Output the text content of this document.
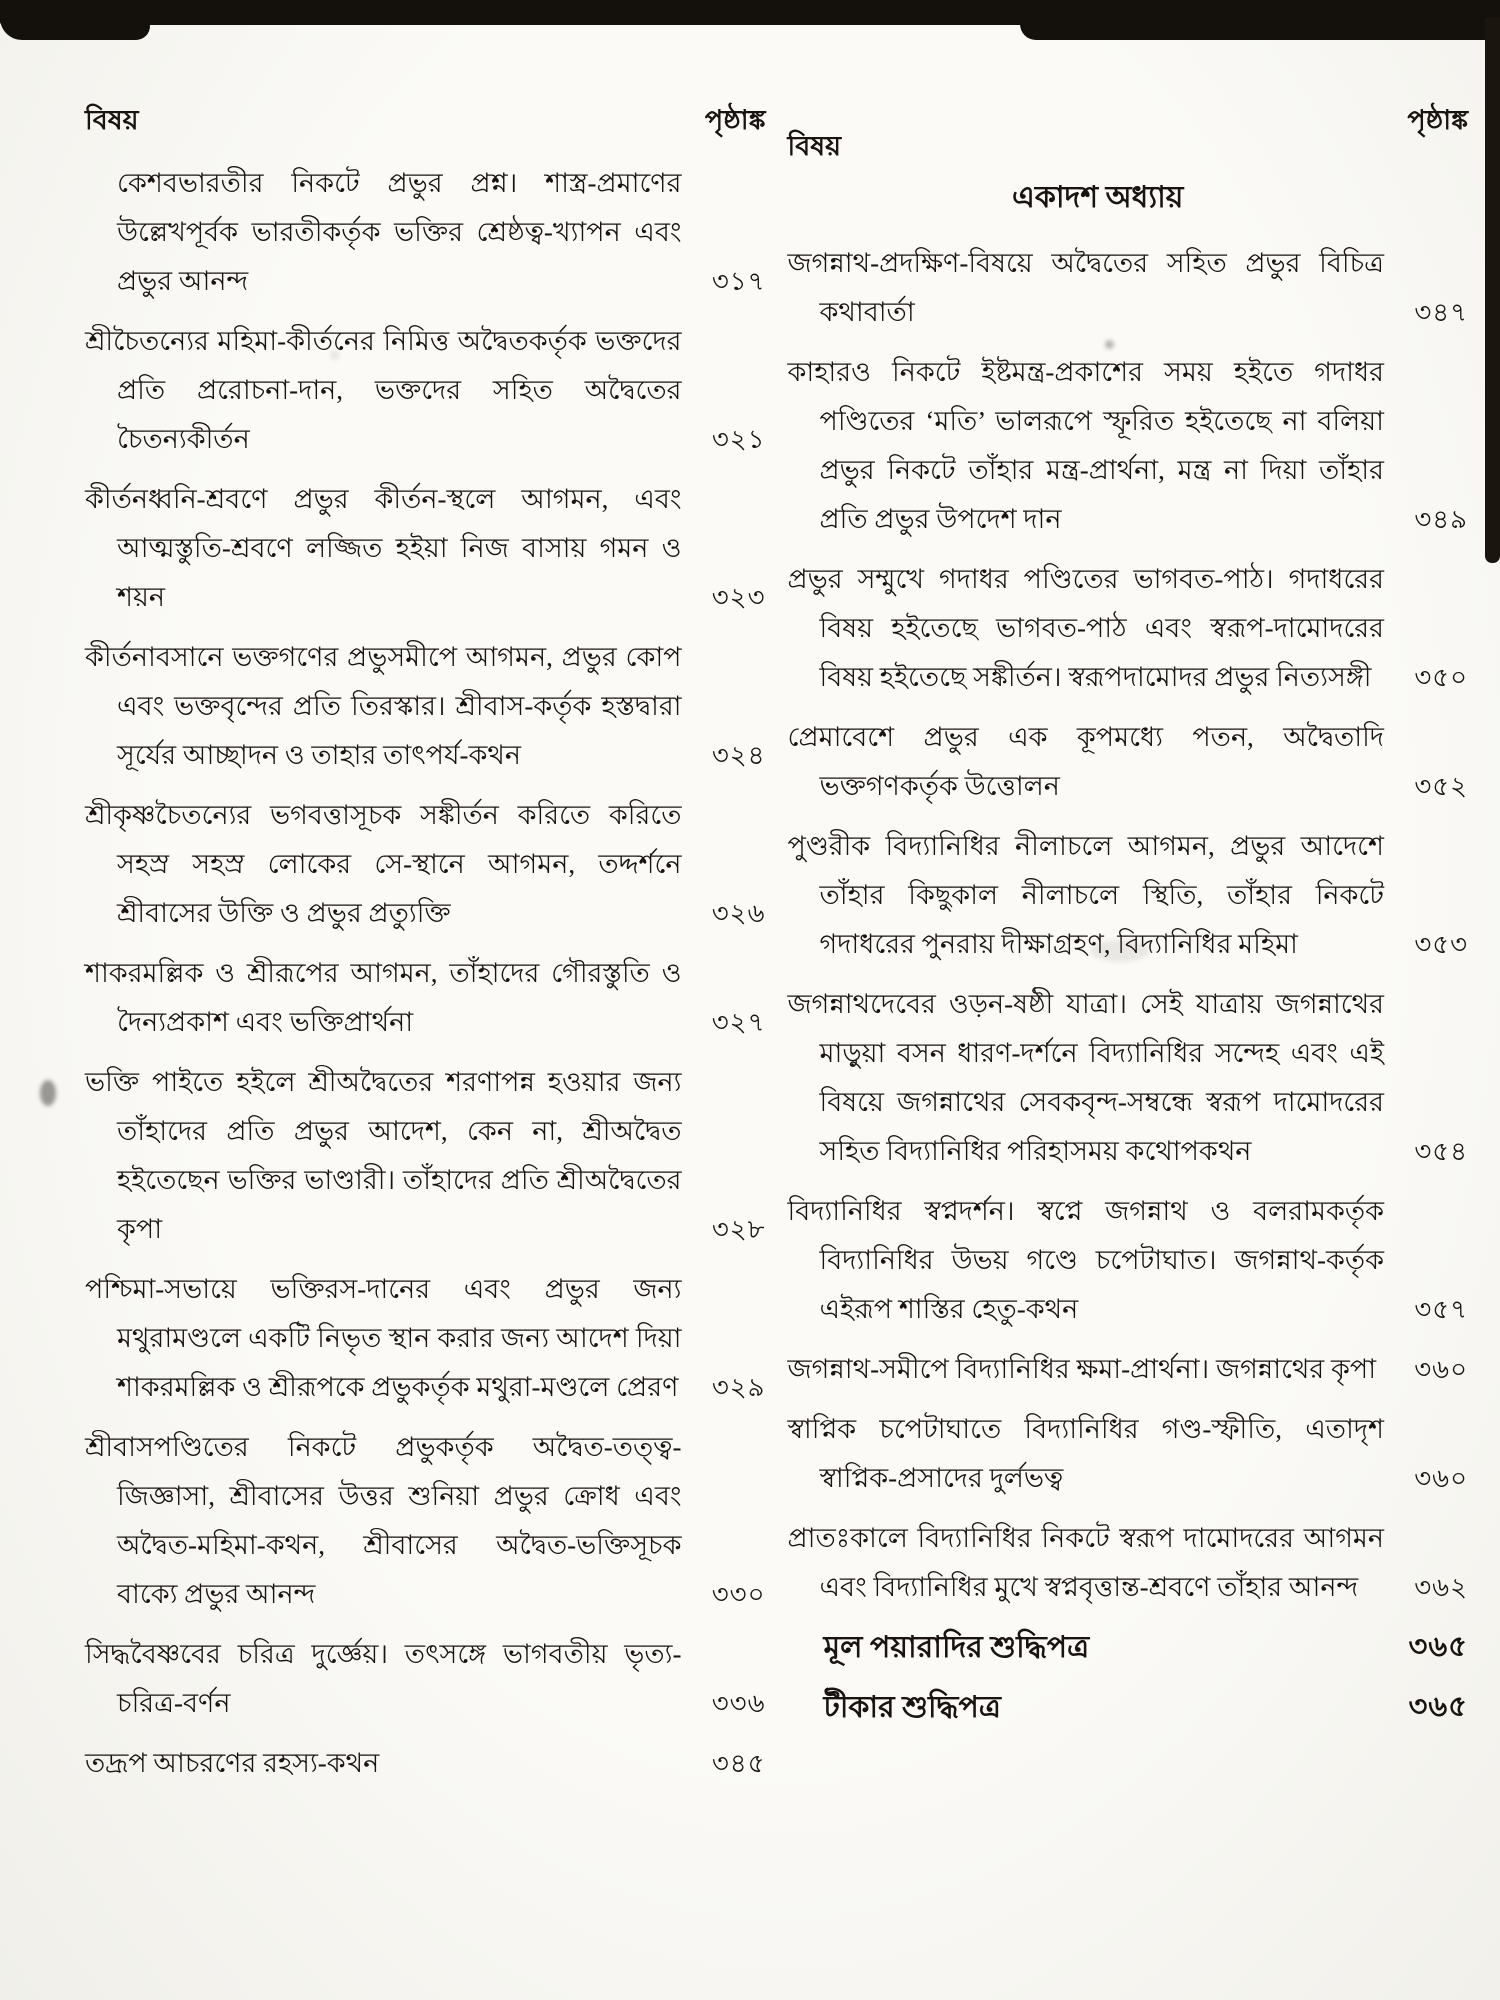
বিষয়	পৃষ্ঠাঙ্ক
কেশবভারতীর নিকটে প্রভুর প্রশ্ন। শাস্ত্র-প্রমাণের উল্লেখপূর্বক ভারতীকর্তৃক ভক্তির শ্রেষ্ঠত্ব-খ্যাপন এবং প্রভুর আনন্দ	৩১৭
শ্রীচৈতন্যের মহিমা-কীর্তনের নিমিত্ত অদ্বৈতকর্তৃক ভক্তদের প্রতি প্ররোচনা-দান, ভক্তদের সহিত অদ্বৈতের চৈতন্যকীর্তন	৩২১
কীর্তনধ্বনি-শ্রবণে প্রভুর কীর্তন-স্থলে আগমন, এবং আত্মস্তুতি-শ্রবণে লজ্জিত হইয়া নিজ বাসায় গমন ও শয়ন	৩২৩
কীর্তনাবসানে ভক্তগণের প্রভুসমীপে আগমন, প্রভুর কোপ এবং ভক্তবৃন্দের প্রতি তিরস্কার। শ্রীবাস-কর্তৃক হস্তদ্বারা সূর্যের আচ্ছাদন ও তাহার তাৎপর্য-কথন	৩২৪
শ্রীকৃষ্ণচৈতন্যের ভগবত্তাসূচক সঙ্কীর্তন করিতে করিতে সহস্র সহস্র লোকের সে-স্থানে আগমন, তদ্দর্শনে শ্রীবাসের উক্তি ও প্রভুর প্রত্যুক্তি	৩২৬
শাকরমল্লিক ও শ্রীরূপের আগমন, তাঁহাদের গৌরস্তুতি ও দৈন্যপ্রকাশ এবং ভক্তিপ্রার্থনা	৩২৭
ভক্তি পাইতে হইলে শ্রীঅদ্বৈতের শরণাপন্ন হওয়ার জন্য তাঁহাদের প্রতি প্রভুর আদেশ, কেন না, শ্রীঅদ্বৈত হইতেছেন ভক্তির ভাণ্ডারী। তাঁহাদের প্রতি শ্রীঅদ্বৈতের কৃপা	৩২৮
পশ্চিমা-সভায়ে ভক্তিরস-দানের এবং প্রভুর জন্য মথুরামণ্ডলে একটি নিভৃত স্থান করার জন্য আদেশ দিয়া শাকরমল্লিক ও শ্রীরূপকে প্রভুকর্তৃক মথুরা-মণ্ডলে প্রেরণ ৩২৯
শ্রীবাসপণ্ডিতের নিকটে প্রভুকর্তৃক অদ্বৈত-তত্ত্ব-জিজ্ঞাসা, শ্রীবাসের উত্তর শুনিয়া প্রভুর ক্রোধ এবং অদ্বৈত-মহিমা-কথন, শ্রীবাসের অদ্বৈত-ভক্তিসূচক বাক্যে প্রভুর আনন্দ	৩৩০
সিদ্ধবৈষ্ণবের চরিত্র দুর্জ্ঞেয়। তৎসঙ্গে ভাগবতীয় ভৃত্য-চরিত্র-বর্ণন	৩৩৬
তদ্রূপ আচরণের রহস্য-কথন	৩৪৫
বিষয়
পৃষ্ঠাঙ্ক
একাদশ অধ্যায়
জগন্নাথ-প্রদক্ষিণ-বিষয়ে অদ্বৈতের সহিত প্রভুর বিচিত্র কথাবার্তা	৩৪৭
কাহারও নিকটে ইষ্টমন্ত্র-প্রকাশের সময় হইতে গদাধর পণ্ডিতের ‘মতি’ ভালরূপে স্ফূরিত হইতেছে না বলিয়া প্রভুর নিকটে তাঁহার মন্ত্র-প্রার্থনা, মন্ত্র না দিয়া তাঁহার প্রতি প্রভুর উপদেশ দান	৩৪৯
প্রভুর সম্মুখে গদাধর পণ্ডিতের ভাগবত-পাঠ। গদাধরের বিষয় হইতেছে ভাগবত-পাঠ এবং স্বরূপ-দামোদরের বিষয় হইতেছে সঙ্কীর্তন। স্বরূপদামোদর প্রভুর নিত্যসঙ্গী ৩৫০
প্রেমাবেশে প্রভুর এক কূপমধ্যে পতন, অদ্বৈতাদি ভক্তগণকর্তৃক উত্তোলন	৩৫২
পুণ্ডরীক বিদ্যানিধির নীলাচলে আগমন, প্রভুর আদেশে তাঁহার কিছুকাল নীলাচলে স্থিতি, তাঁহার নিকটে গদাধরের পুনরায় দীক্ষাগ্রহণ, বিদ্যানিধির মহিমা	৩৫৩
জগন্নাথদেবের ওড়ন-ষষ্ঠী যাত্রা। সেই যাত্রায় জগন্নাথের মাড়ুয়া বসন ধারণ-দর্শনে বিদ্যানিধির সন্দেহ এবং এই বিষয়ে জগন্নাথের সেবকবৃন্দ-সম্বন্ধে স্বরূপ দামোদরের সহিত বিদ্যানিধির পরিহাসময় কথোপকথন	৩৫৪
বিদ্যানিধির স্বপ্নদর্শন। স্বপ্নে জগন্নাথ ও বলরামকর্তৃক বিদ্যানিধির উভয় গণ্ডে চপেটাঘাত। জগন্নাথ-কর্তৃক এইরূপ শাস্তির হেতু-কথন	৩৫৭
জগন্নাথ-সমীপে বিদ্যানিধির ক্ষমা-প্রার্থনা। জগন্নাথের কৃপা ৩৬০
স্বাপ্নিক চপেটাঘাতে বিদ্যানিধির গণ্ড-স্ফীতি, এতাদৃশ স্বাপ্নিক-প্রসাদের দুর্লভত্ব	৩৬০
প্রাতঃকালে বিদ্যানিধির নিকটে স্বরূপ দামোদরের আগমন এবং বিদ্যানিধির মুখে স্বপ্নবৃত্তান্ত-শ্রবণে তাঁহার আনন্দ ৩৬২
মূল পয়ারাদির শুদ্ধিপত্র	৩৬৫
টীকার শুদ্ধিপত্র	৩৬৫
